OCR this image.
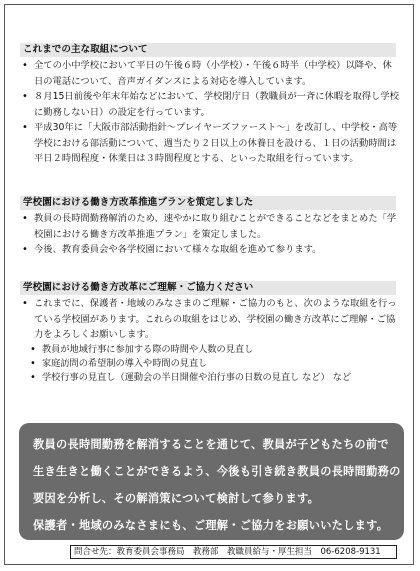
これまでの主な取組について
• 全ての小中学校において平日の午後６時（小学校）・午後６時半（中学校）以降や、休日の電話について、音声ガイダンスによる対応を導入しています。
• ８月15日前後や年末年始などにおいて、学校閉庁日（教職員が一斉に休暇を取得し学校に勤務しない日）の設定を行っています。
• 平成30年に「大阪市部活動指針～プレイヤーズファースト～」を改訂し、中学校・高等学校における部活動について、週当たり２日以上の休養日を設ける、１日の活動時間は平日２時間程度・休業日は３時間程度とする、といった取組を行っています。
学校園における働き方改革推進プランを策定しました
• 教員の長時間勤務解消のため、速やかに取り組むことができることなどをまとめた「学校園における働き方改革推進プラン」を策定しました。
• 今後、教育委員会や各学校園において様々な取組を進めて参ります。
学校園における働き方改革にご理解・ご協力ください
• これまでに、保護者・地域のみなさまのご理解・ご協力のもと、次のような取組を行っている学校園があります。これらの取組をはじめ、学校園の働き方改革にご理解・ご協力をよろしくお願いします。
• 教員が地域行事に参加する際の時間や人数の見直し
• 家庭訪問の希望制の導入や時間の見直し
• 学校行事の見直し（運動会の半日開催や泊行事の日数の見直し など） など

教員の長時間勤務を解消することを通じて、教員が子どもたちの前で

生き生きと働くことができるよう、今後も引き続き教員の長時間勤務の

要因を分析し、その解消策について検討して参ります。

保護者・地域のみなさまにも、ご理解・ご協力をお願いいたします。

問合せ先：教育委員会事務局　教務部　教職員給与・厚生担当　06-6208-9131
